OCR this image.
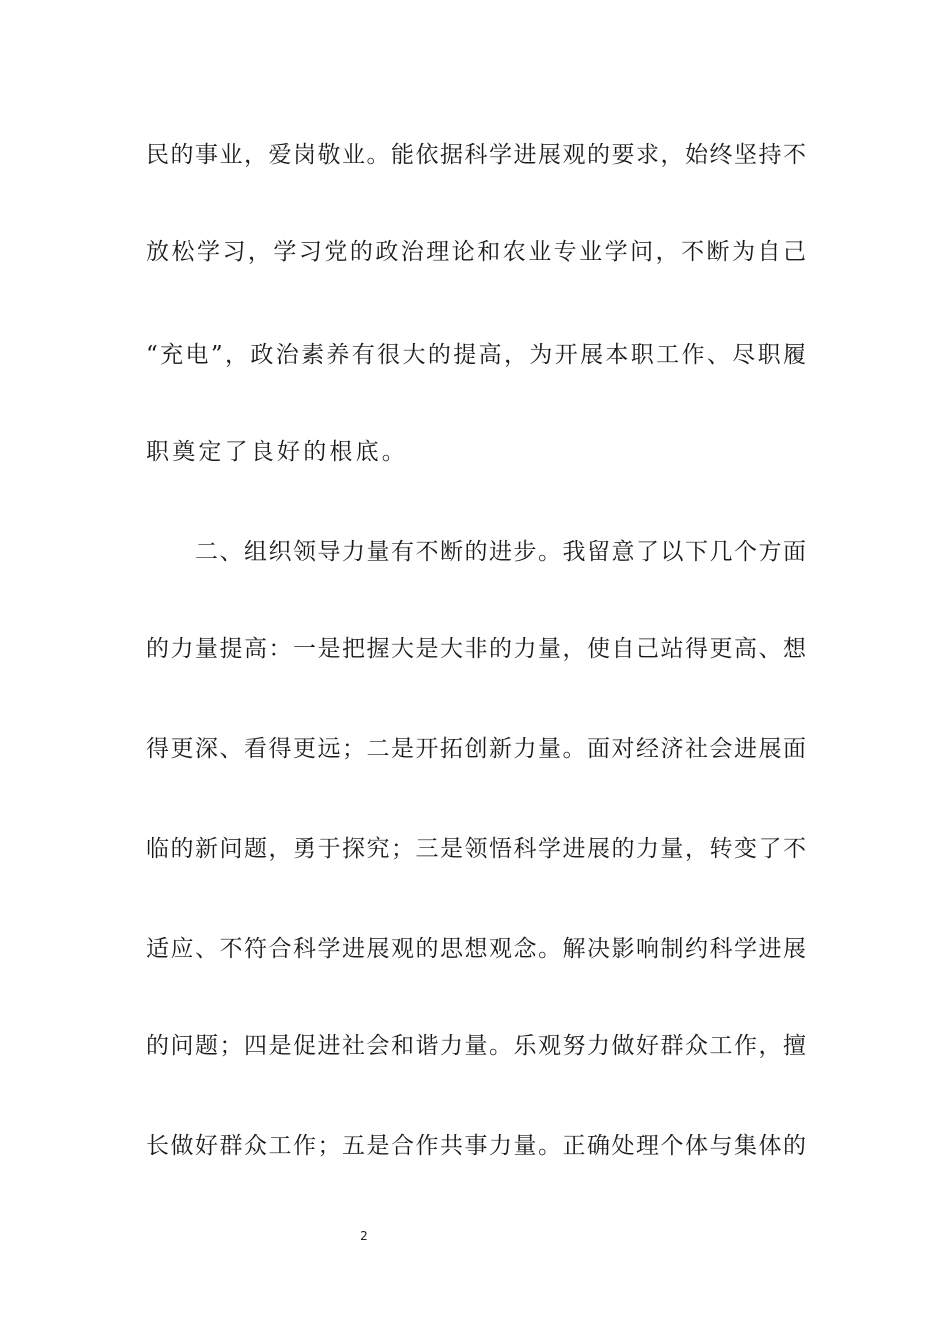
民的事业，爱岗敬业。能依据科学进展观的要求，始终坚持不
放松学习，学习党的政治理论和农业专业学问，不断为自己
“充电”，政治素养有很大的提高，为开展本职工作、尽职履
职奠定了良好的根底。
二、组织领导力量有不断的进步。我留意了以下几个方面
的力量提高：一是把握大是大非的力量，使自己站得更高、想
得更深、看得更远；二是开拓创新力量。面对经济社会进展面
临的新问题，勇于探究；三是领悟科学进展的力量，转变了不
适应、不符合科学进展观的思想观念。解决影响制约科学进展
的问题；四是促进社会和谐力量。乐观努力做好群众工作，擅
长做好群众工作；五是合作共事力量。正确处理个体与集体的
2
